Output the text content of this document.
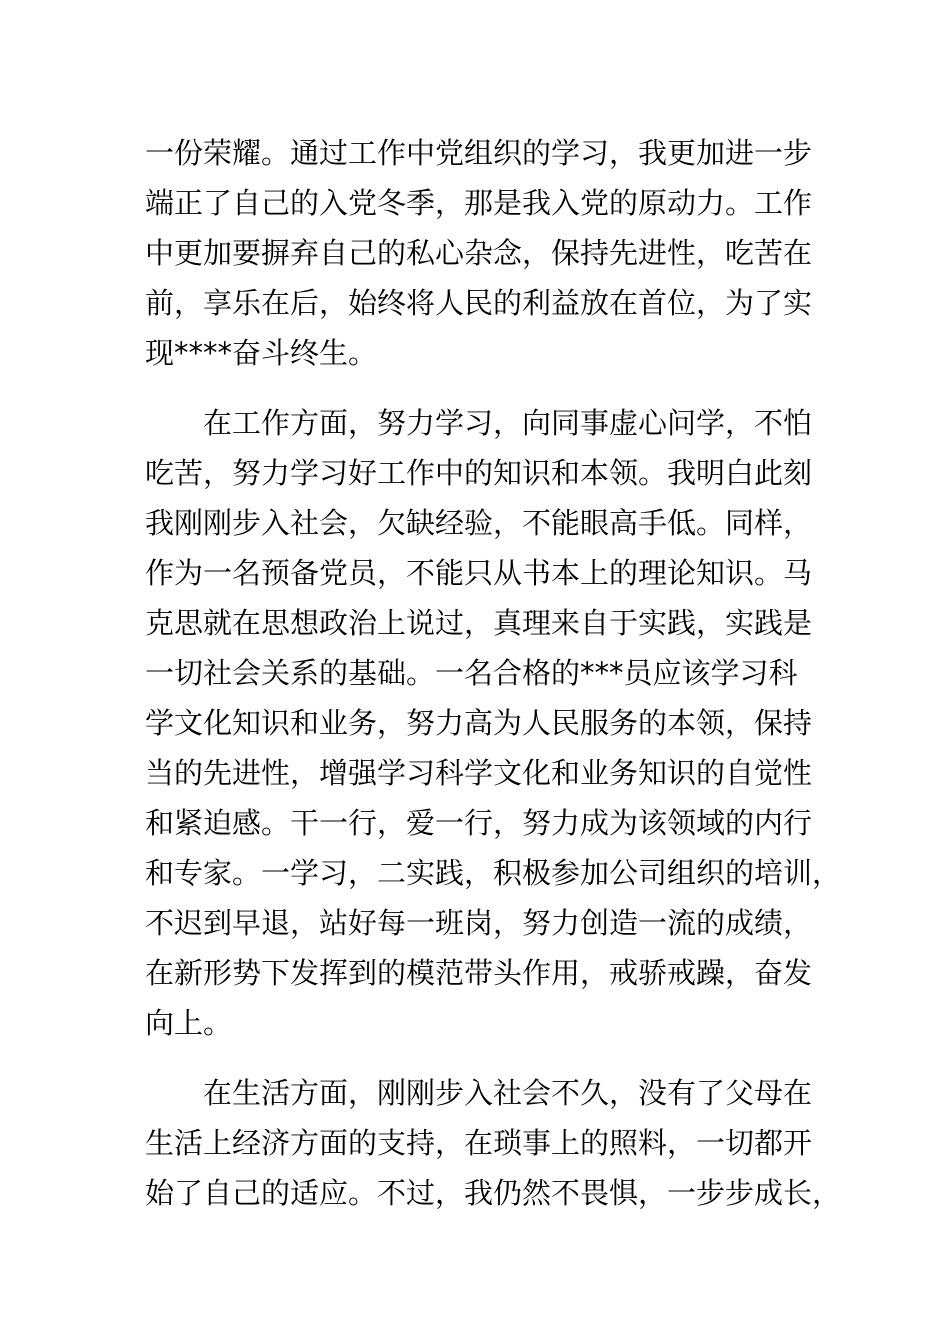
一份荣耀。通过工作中党组织的学习，我更加进一步
端正了自己的入党冬季，那是我入党的原动力。工作
中更加要摒弃自己的私心杂念，保持先进性，吃苦在
前，享乐在后，始终将人民的利益放在首位，为了实
现****奋斗终生。

在工作方面，努力学习，向同事虚心问学，不怕
吃苦，努力学习好工作中的知识和本领。我明白此刻
我刚刚步入社会，欠缺经验，不能眼高手低。同样，
作为一名预备党员，不能只从书本上的理论知识。马
克思就在思想政治上说过，真理来自于实践，实践是
一切社会关系的基础。一名合格的***员应该学习科
学文化知识和业务，努力高为人民服务的本领，保持
当的先进性，增强学习科学文化和业务知识的自觉性
和紧迫感。干一行，爱一行，努力成为该领域的内行
和专家。一学习，二实践，积极参加公司组织的培训，
不迟到早退，站好每一班岗，努力创造一流的成绩，
在新形势下发挥到的模范带头作用，戒骄戒躁，奋发
向上。

在生活方面，刚刚步入社会不久，没有了父母在
生活上经济方面的支持，在琐事上的照料，一切都开
始了自己的适应。不过，我仍然不畏惧，一步步成长，
